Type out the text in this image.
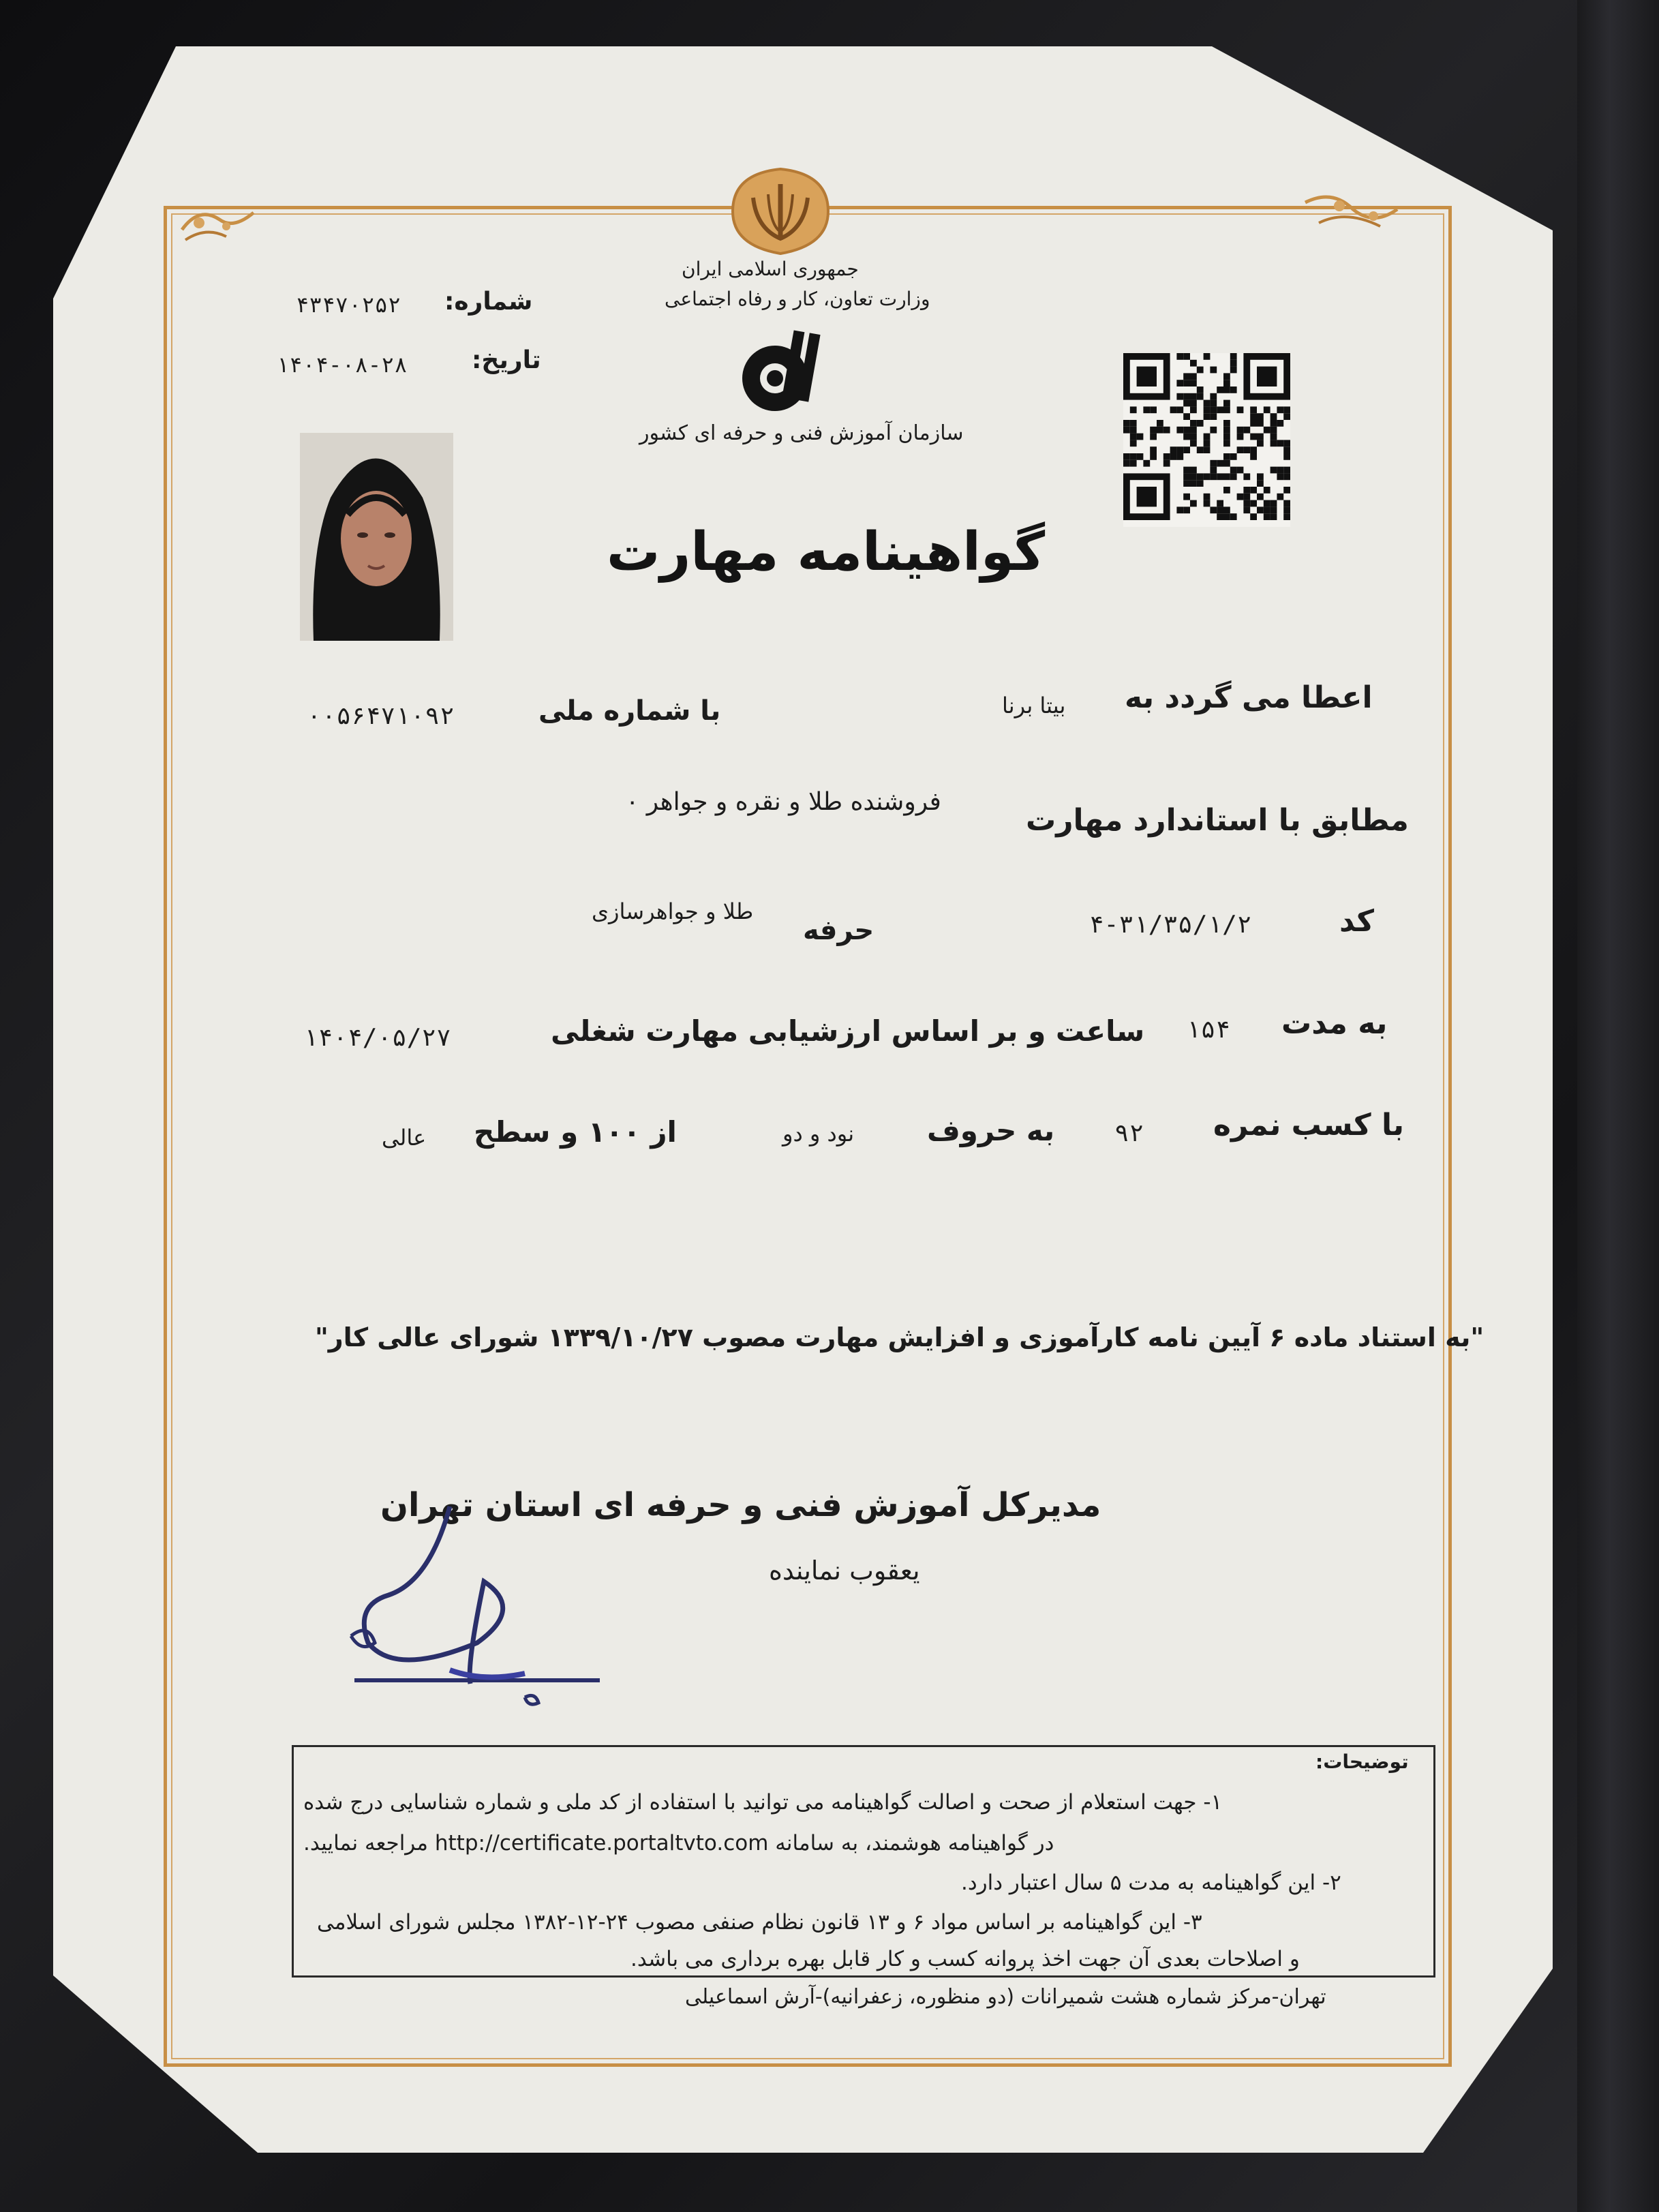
جمهوری اسلامی ایران
وزارت تعاون، کار و رفاه اجتماعی
سازمان آموزش فنی و حرفه ای کشور
شماره:
۴۳۴۷۰۲۵۲
تاریخ:
۱۴۰۴-۰۸-۲۸
گواهینامه مهارت
اعطا می گردد به
بیتا برنا
با شماره ملی
۰۰۵۶۴۷۱۰۹۲
مطابق با استاندارد مهارت
فروشنده طلا و نقره و جواهر ۰
کد
۴-۳۱/۳۵/۱/۲
حرفه
طلا و جواهرسازی
به مدت
۱۵۴
ساعت و بر اساس ارزشیابی مهارت شغلی
۱۴۰۴/۰۵/۲۷
با کسب نمره
۹۲
به حروف
نود و دو
از ۱۰۰ و سطح
عالی
"به استناد ماده ۶ آیین نامه کارآموزی و افزایش مهارت مصوب ۱۳۳۹/۱۰/۲۷ شورای عالی کار"
مدیرکل آموزش فنی و حرفه ای استان تهران
یعقوب نماینده
توضیحات:
۱- جهت استعلام از صحت و اصالت گواهینامه می توانید با استفاده از کد ملی و شماره شناسایی درج شده
در گواهینامه هوشمند، به سامانه http://certificate.portaltvto.com مراجعه نمایید.
۲- این گواهینامه به مدت ۵ سال اعتبار دارد.
۳- این گواهینامه بر اساس مواد ۶ و ۱۳ قانون نظام صنفی مصوب ۲۴-۱۲-۱۳۸۲ مجلس شورای اسلامی
و اصلاحات بعدی آن جهت اخذ پروانه کسب و کار قابل بهره برداری می باشد.
تهران-مرکز شماره هشت شمیرانات (دو منظوره، زعفرانیه)-آرش اسماعیلی
